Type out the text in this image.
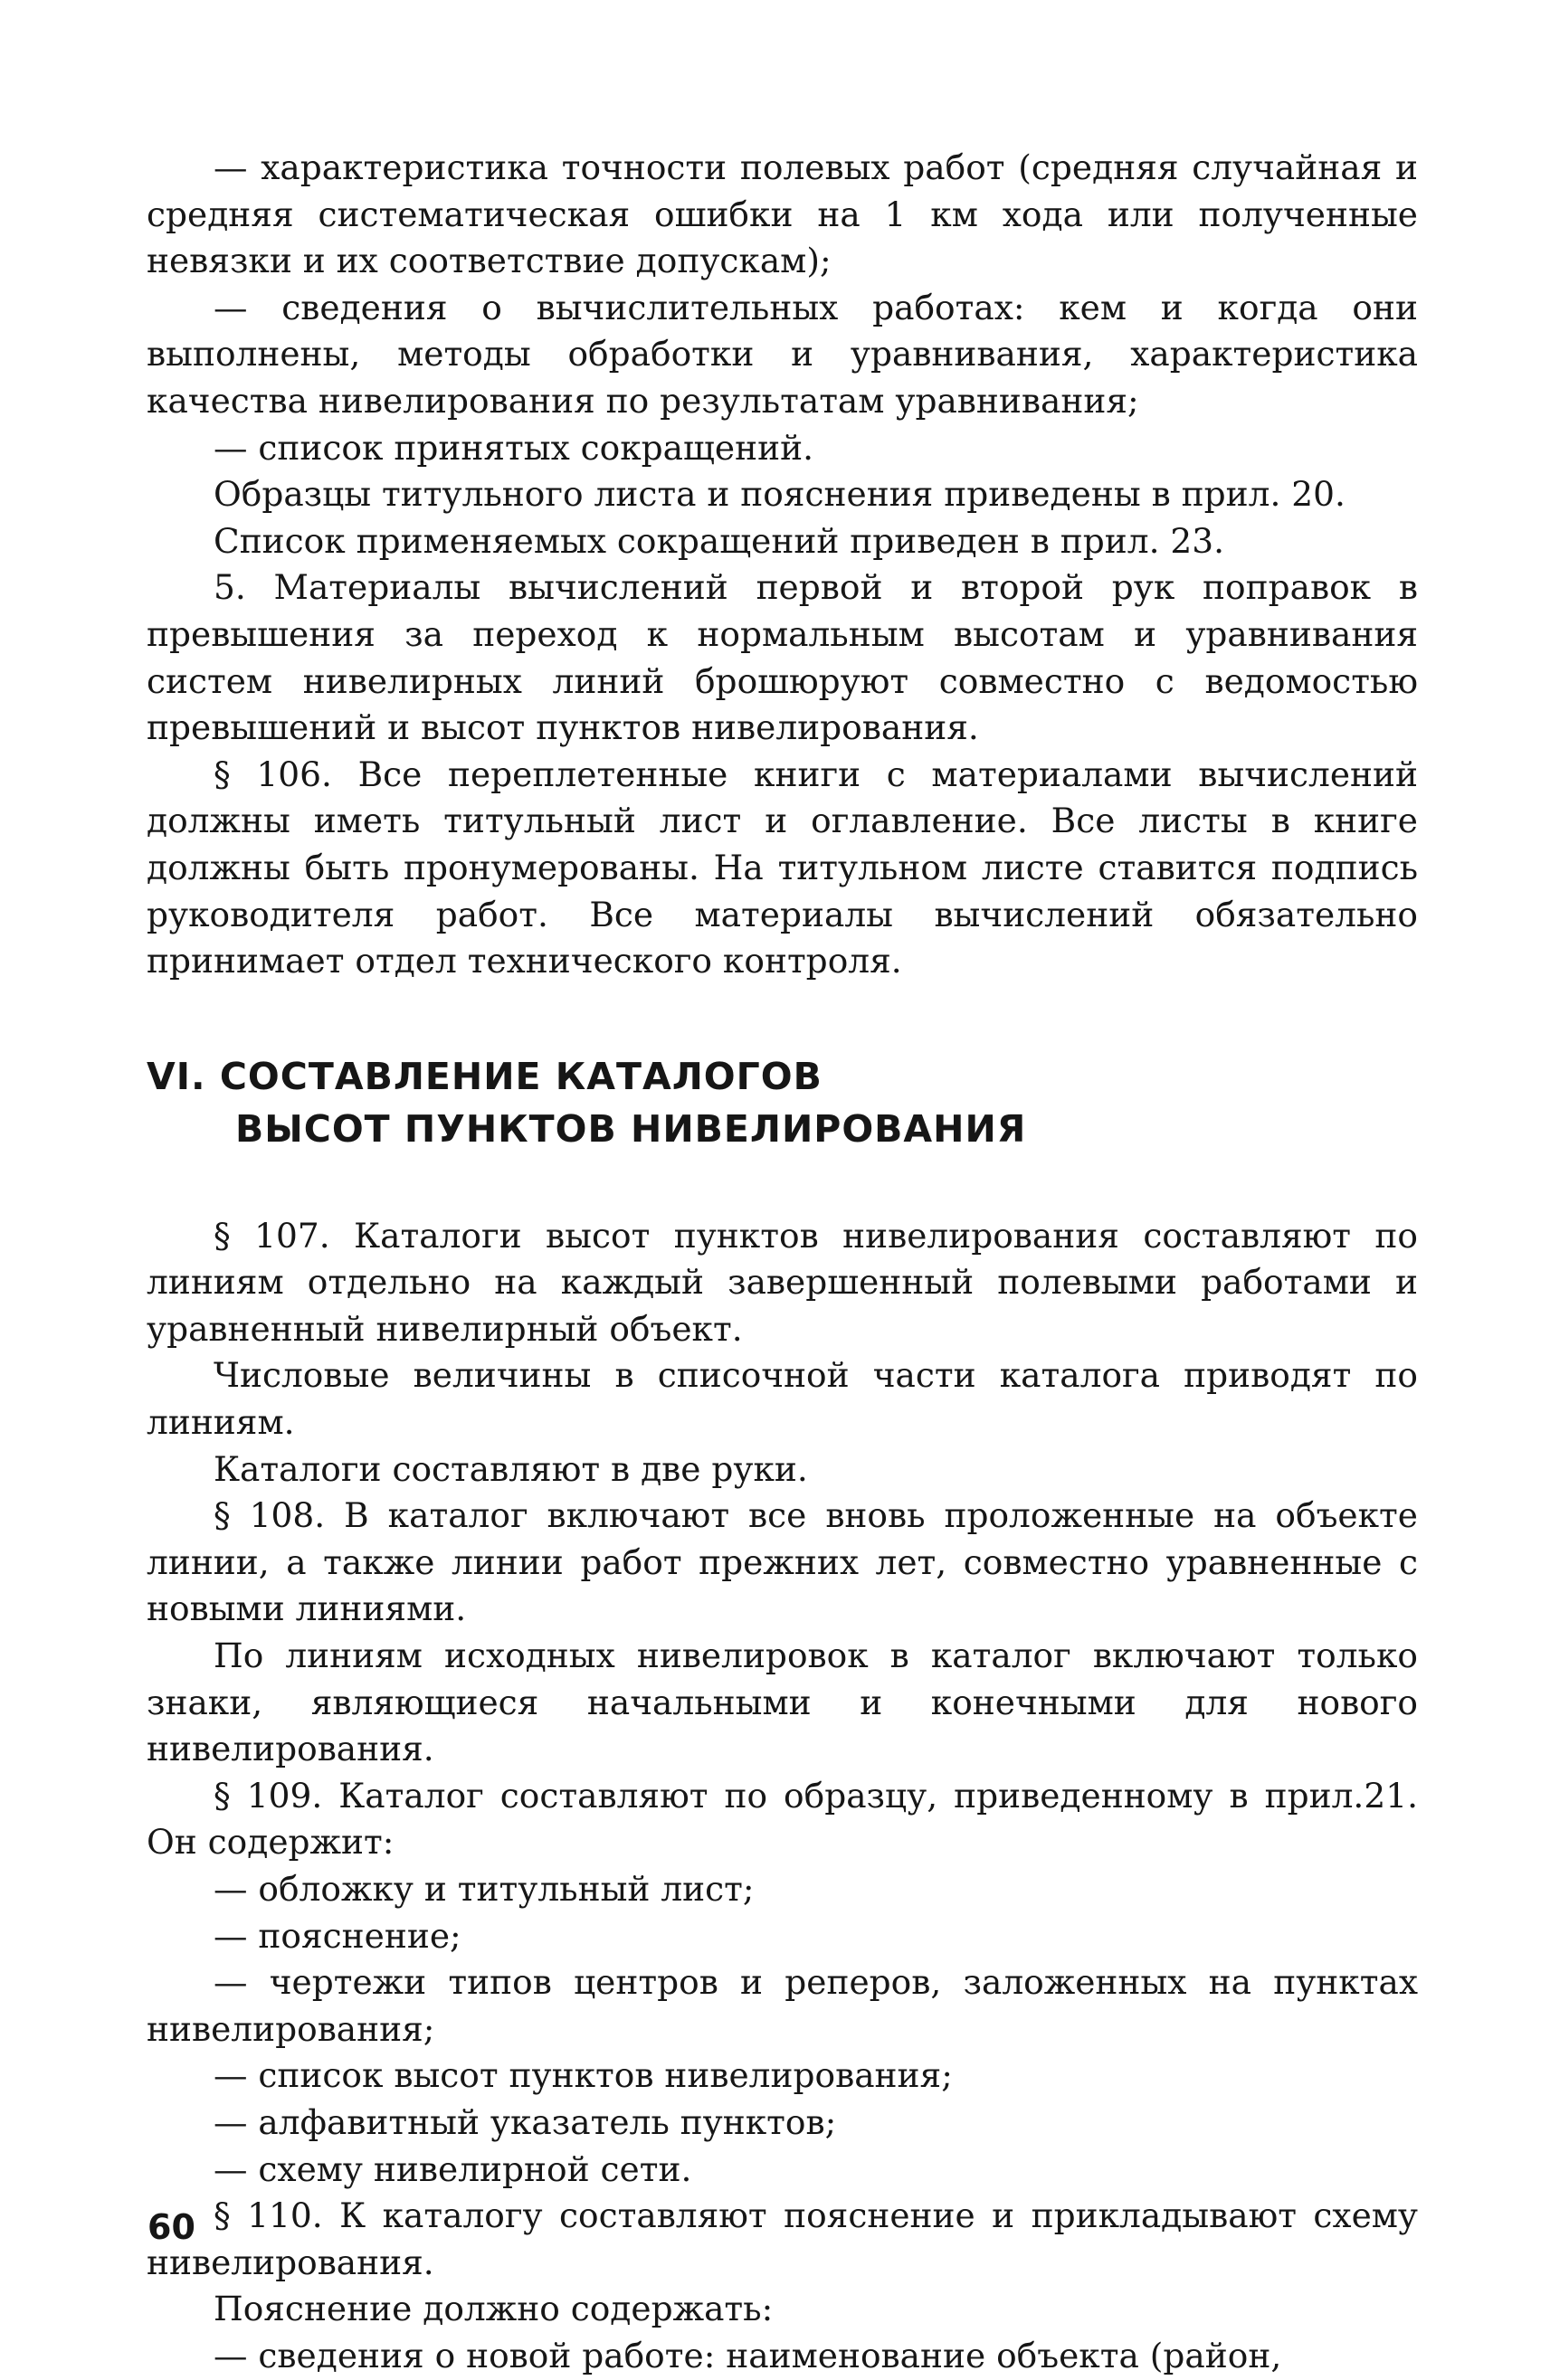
— характеристика точности полевых работ (средняя случайная и средняя систематическая ошибки на 1 км хода или полученные невязки и их соответствие допускам);

— сведения о вычислительных работах: кем и когда они выполнены, методы обработки и уравнивания, характеристика качества нивелирования по результатам уравнивания;

— список принятых сокращений.

Образцы титульного листа и пояснения приведены в прил. 20.

Список применяемых сокращений приведен в прил. 23.

5. Материалы вычислений первой и второй рук поправок в превышения за переход к нормальным высотам и уравнивания систем нивелирных линий брошюруют совместно с ведомостью превышений и высот пунктов нивелирования.

§ 106. Все переплетенные книги с материалами вычислений должны иметь титульный лист и оглавление. Все листы в книге должны быть пронумерованы. На титульном листе ставится подпись руководителя работ. Все материалы вычислений обязательно принимает отдел технического контроля.

VI. СОСТАВЛЕНИЕ КАТАЛОГОВ
ВЫСОТ ПУНКТОВ НИВЕЛИРОВАНИЯ

§ 107. Каталоги высот пунктов нивелирования составляют по линиям отдельно на каждый завершенный полевыми работами и уравненный нивелирный объект.

Числовые величины в списочной части каталога приводят по линиям.

Каталоги составляют в две руки.

§ 108. В каталог включают все вновь проложенные на объекте линии, а также линии работ прежних лет, совместно уравненные с новыми линиями.

По линиям исходных нивелировок в каталог включают только знаки, являющиеся начальными и конечными для нового нивелирования.

§ 109. Каталог составляют по образцу, приведенному в прил.21. Он содержит:

— обложку и титульный лист;

— пояснение;

— чертежи типов центров и реперов, заложенных на пунктах нивелирования;

— список высот пунктов нивелирования;

— алфавитный указатель пунктов;

— схему нивелирной сети.

§ 110. К каталогу составляют пояснение и прикладывают схему нивелирования.

Пояснение должно содержать:

— сведения о новой работе: наименование объекта (район,

60
